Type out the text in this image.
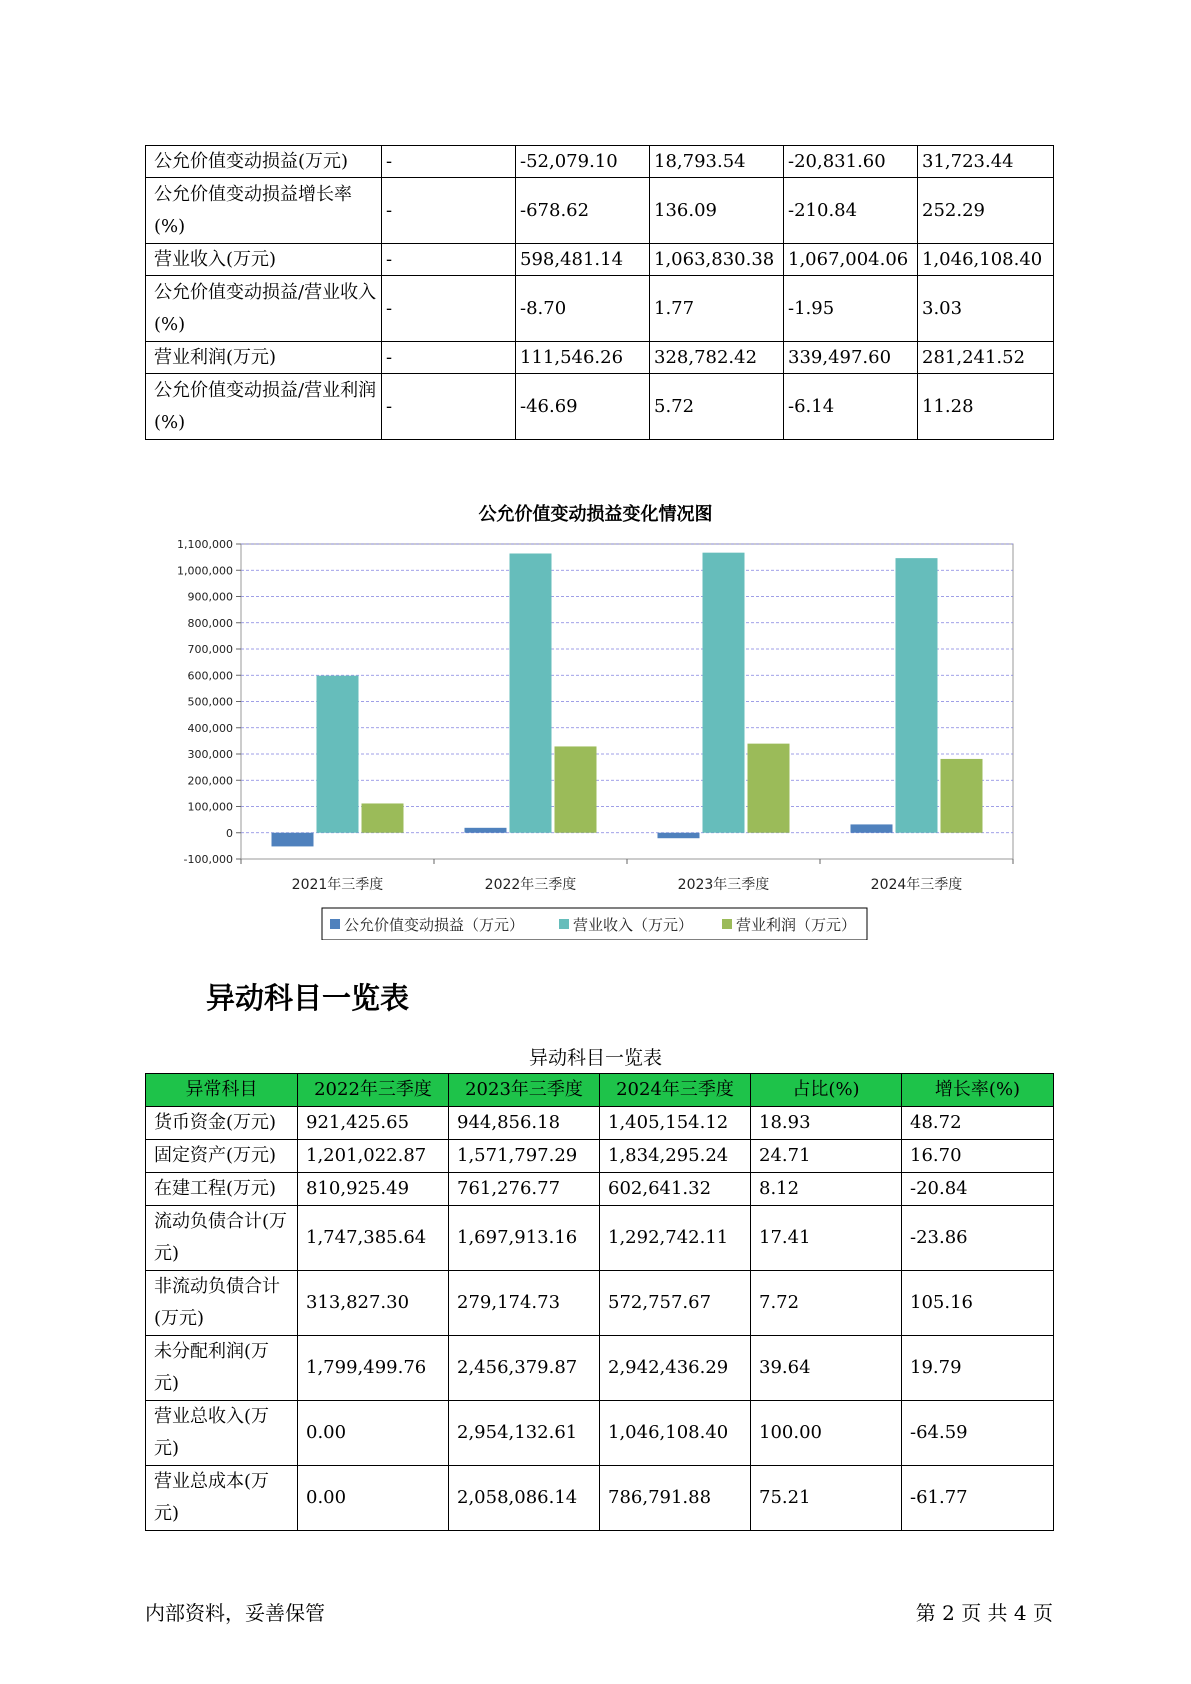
公允价值变动损益(万元)	-	-52,079.10	18,793.54	-20,831.60	31,723.44
公允价值变动损益增长率(%)	-	-678.62	136.09	-210.84	252.29
营业收入(万元)	-	598,481.14	1,063,830.38	1,067,004.06	1,046,108.40
公允价值变动损益/营业收入(%)	-	-8.70	1.77	-1.95	3.03
营业利润(万元)	-	111,546.26	328,782.42	339,497.60	281,241.52
公允价值变动损益/营业利润(%)	-	-46.69	5.72	-6.14	11.28
公允价值变动损益变化情况图
-100,000
0
100,000
200,000
300,000
400,000
500,000
600,000
700,000
800,000
900,000
1,000,000
1,100,000
2021年三季度	2022年三季度	2023年三季度	2024年三季度
公允价值变动损益（万元）	营业收入（万元）	营业利润（万元）
异动科目一览表
异动科目一览表
异常科目	2022年三季度	2023年三季度	2024年三季度	占比(%)	增长率(%)
货币资金(万元)	921,425.65	944,856.18	1,405,154.12	18.93	48.72
固定资产(万元)	1,201,022.87	1,571,797.29	1,834,295.24	24.71	16.70
在建工程(万元)	810,925.49	761,276.77	602,641.32	8.12	-20.84
流动负债合计(万元)	1,747,385.64	1,697,913.16	1,292,742.11	17.41	-23.86
非流动负债合计(万元)	313,827.30	279,174.73	572,757.67	7.72	105.16
未分配利润(万元)	1,799,499.76	2,456,379.87	2,942,436.29	39.64	19.79
营业总收入(万元)	0.00	2,954,132.61	1,046,108.40	100.00	-64.59
营业总成本(万元)	0.00	2,058,086.14	786,791.88	75.21	-61.77
内部资料，妥善保管	第 2 页 共 4 页
